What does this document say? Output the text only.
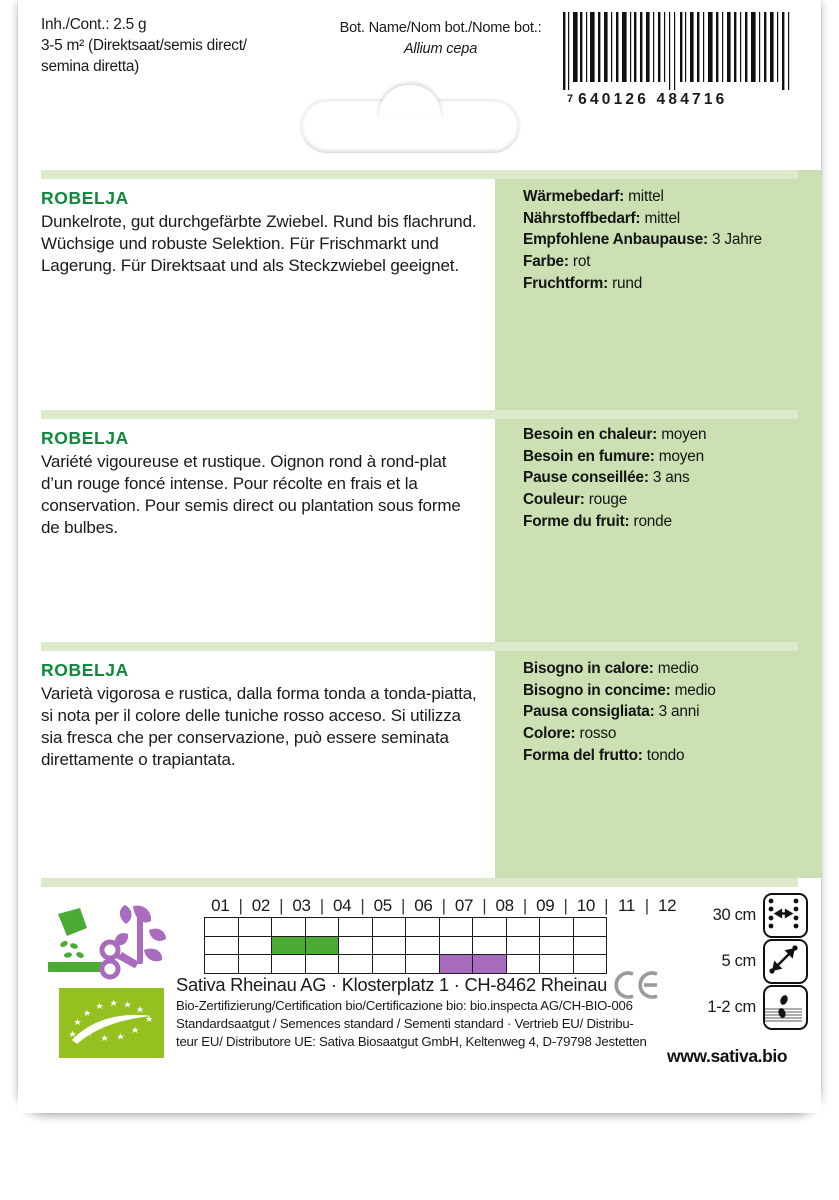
Inh./Cont.: 2.5 g
3-5 m² (Direktsaat/semis direct/
semina diretta)
Bot. Name/Nom bot./Nome bot.:
Allium cepa
7 640126 484716
ROBELJA
Dunkelrote, gut durchgefärbte Zwiebel. Rund bis flachrund. Wüchsige und robuste Selektion. Für Frischmarkt und Lagerung. Für Direktsaat und als Steckzwiebel geeignet.
Wärmebedarf: mittel
Nährstoffbedarf: mittel
Empfohlene Anbaupause: 3 Jahre
Farbe: rot
Fruchtform: rund
ROBELJA
Variété vigoureuse et rustique. Oignon rond à rond-plat d’un rouge foncé intense. Pour récolte en frais et la conservation. Pour semis direct ou plantation sous forme de bulbes.
Besoin en chaleur: moyen
Besoin en fumure: moyen
Pause conseillée: 3 ans
Couleur: rouge
Forme du fruit: ronde
ROBELJA
Varietà vigorosa e rustica, dalla forma tonda a tonda-piatta, si nota per il colore delle tuniche rosso acceso. Si utilizza sia fresca che per conservazione, può essere seminata direttamente o trapiantata.
Bisogno in calore: medio
Bisogno in concime: medio
Pausa consigliata: 3 anni
Colore: rosso
Forma del frutto: tondo
01	|	02	|	03	|	04	|	05	|	06	|	07	|	08	|	09	|	10	|	11	|	12

											30 cm
5 cm
1-2 cm
Sativa Rheinau AG · Klosterplatz 1 · CH-8462 Rheinau
Bio-Zertifizierung/Certification bio/Certificazione bio: bio.inspecta AG/CH-BIO-006
Standardsaatgut / Semences standard / Sementi standard · Vertrieb EU/ Distribu-
teur EU/ Distributore UE: Sativa Biosaatgut GmbH, Keltenweg 4, D-79798 Jestetten
www.sativa.bio
